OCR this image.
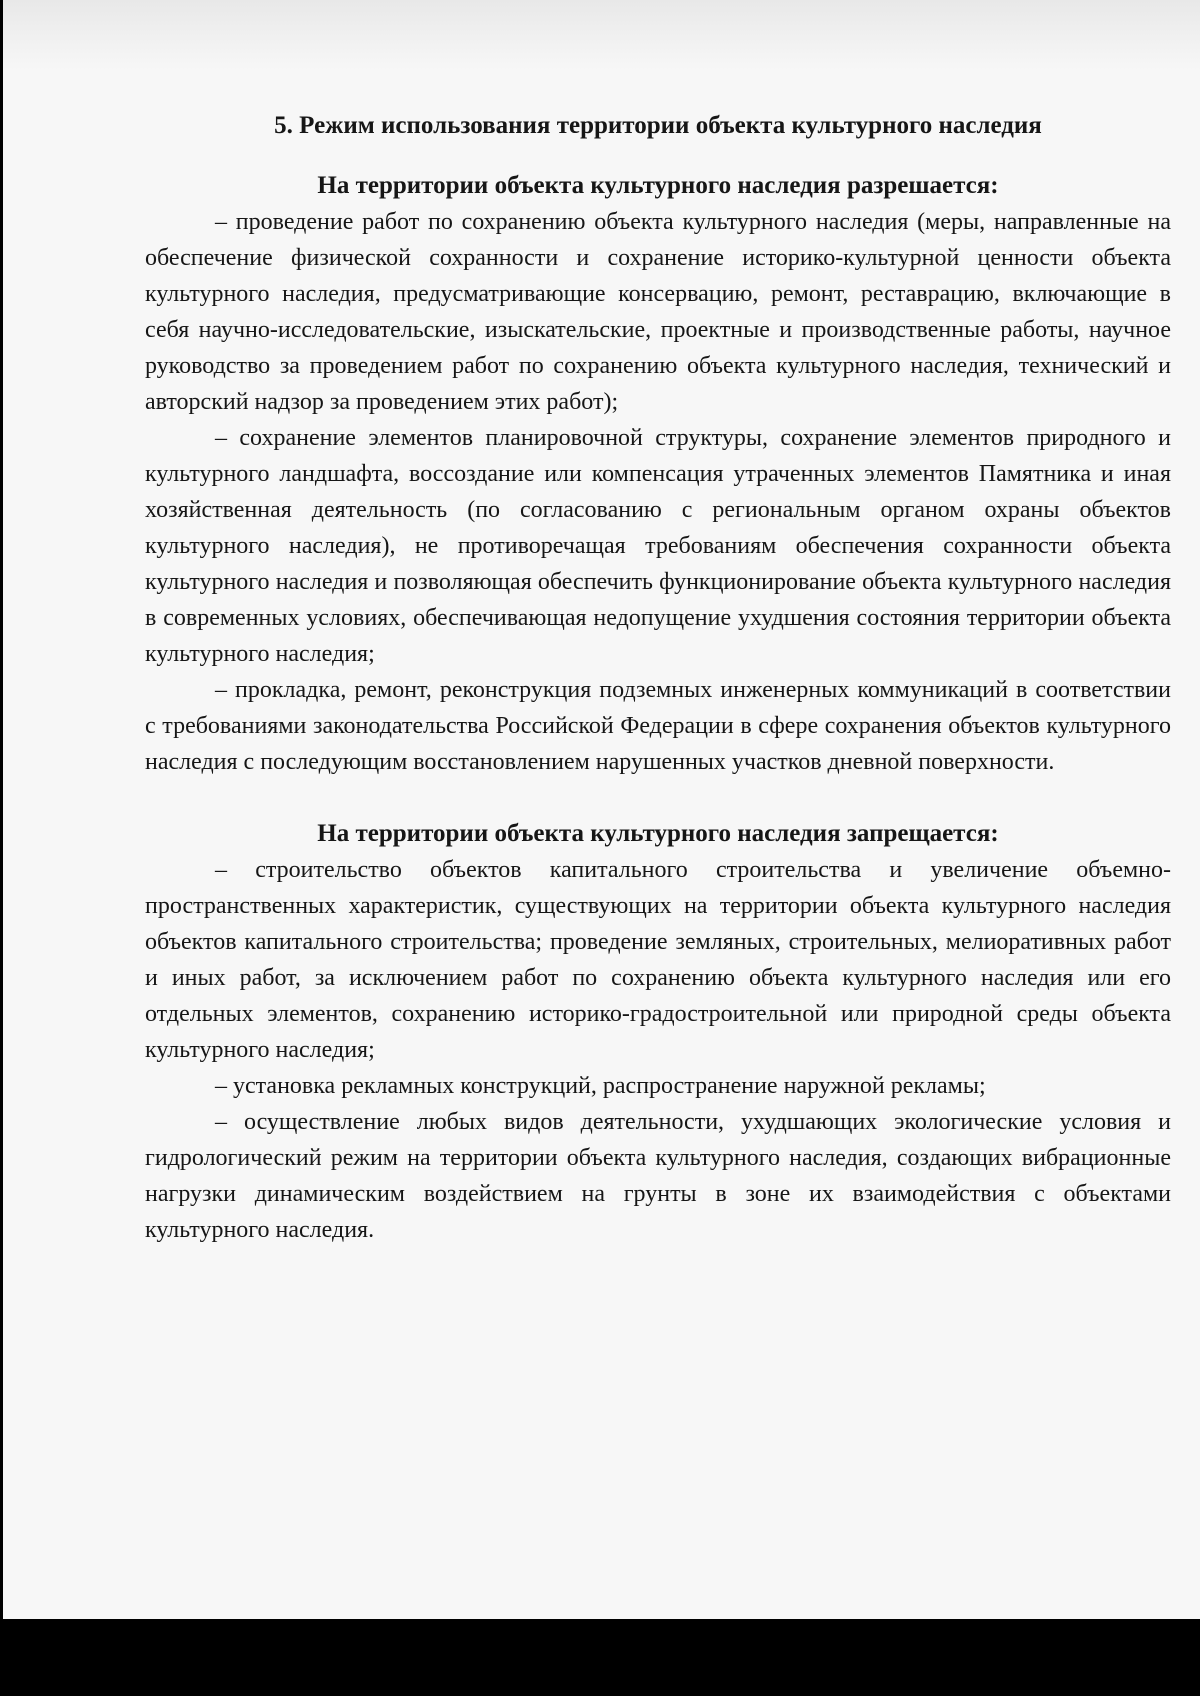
5. Режим использования территории объекта культурного наследия
На территории объекта культурного наследия разрешается:

– проведение работ по сохранению объекта культурного наследия (меры, направленные на обеспечение физической сохранности и сохранение историко-культурной ценности объекта культурного наследия, предусматривающие консервацию, ремонт, реставрацию, включающие в себя научно-исследовательские, изыскательские, проектные и производственные работы, научное руководство за проведением работ по сохранению объекта культурного наследия, технический и авторский надзор за проведением этих работ);

– сохранение элементов планировочной структуры, сохранение элементов природного и культурного ландшафта, воссоздание или компенсация утраченных элементов Памятника и иная хозяйственная деятельность (по согласованию с региональным органом охраны объектов культурного наследия), не противоречащая требованиям обеспечения сохранности объекта культурного наследия и позволяющая обеспечить функционирование объекта культурного наследия в современных условиях, обеспечивающая недопущение ухудшения состояния территории объекта культурного наследия;

– прокладка, ремонт, реконструкция подземных инженерных коммуникаций в соответствии с требованиями законодательства Российской Федерации в сфере сохранения объектов культурного наследия с последующим восстановлением нарушенных участков дневной поверхности.

На территории объекта культурного наследия запрещается:

– строительство объектов капитального строительства и увеличение объемно-пространственных характеристик, существующих на территории объекта культурного наследия объектов капитального строительства; проведение земляных, строительных, мелиоративных работ и иных работ, за исключением работ по сохранению объекта культурного наследия или его отдельных элементов, сохранению историко-градостроительной или природной среды объекта культурного наследия;

– установка рекламных конструкций, распространение наружной рекламы;

– осуществление любых видов деятельности, ухудшающих экологические условия и гидрологический режим на территории объекта культурного наследия, создающих вибрационные нагрузки динамическим воздействием на грунты в зоне их взаимодействия с объектами культурного наследия.
